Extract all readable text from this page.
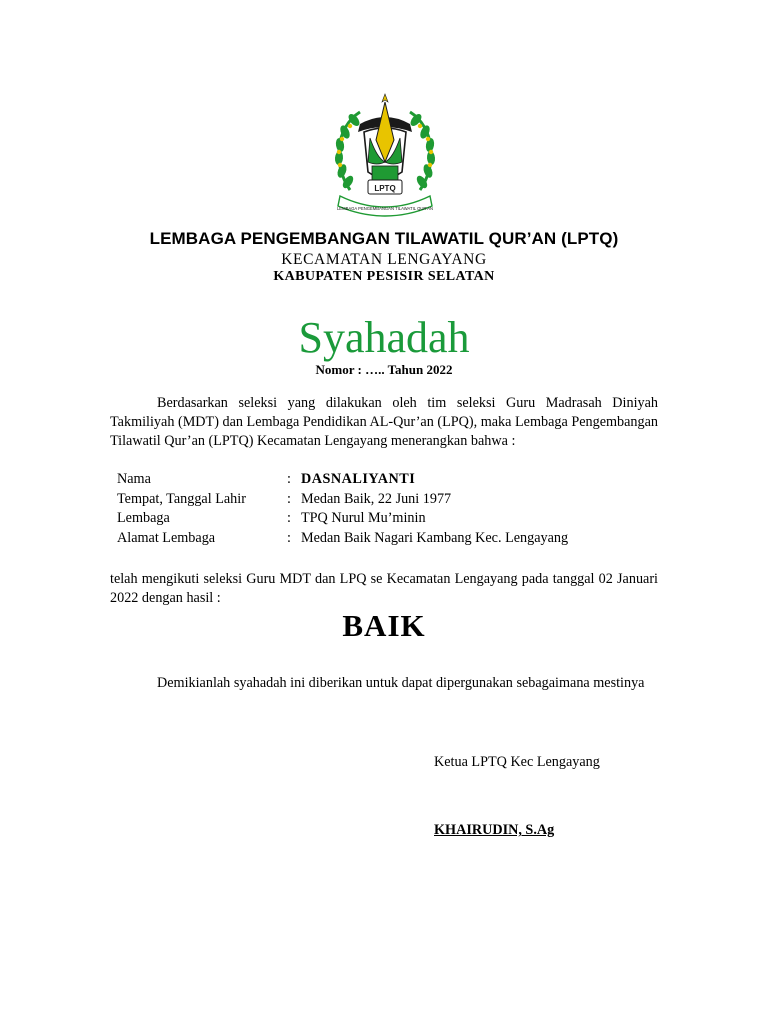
LPTQ
LEMBAGA PENGEMBANGAN TILAWATIL QUR'AN
LEMBAGA PENGEMBANGAN TILAWATIL QUR’AN (LPTQ)
KECAMATAN LENGAYANG
KABUPATEN PESISIR SELATAN
Syahadah
Nomor : ….. Tahun 2022
Berdasarkan seleksi yang dilakukan oleh tim seleksi Guru Madrasah Diniyah Takmiliyah (MDT) dan Lembaga Pendidikan AL-Qur’an (LPQ), maka Lembaga Pengembangan Tilawatil Qur’an (LPTQ) Kecamatan Lengayang menerangkan bahwa :
Nama	: DASNALIYANTI
Tempat, Tanggal Lahir	: Medan Baik, 22 Juni 1977
Lembaga	: TPQ Nurul Mu’minin
Alamat Lembaga	: Medan Baik Nagari Kambang Kec. Lengayang
telah mengikuti seleksi Guru MDT dan LPQ se Kecamatan Lengayang pada tanggal 02 Januari 2022 dengan hasil :
BAIK
Demikianlah syahadah ini diberikan untuk dapat dipergunakan sebagaimana mestinya
Ketua LPTQ Kec Lengayang
KHAIRUDIN, S.Ag
